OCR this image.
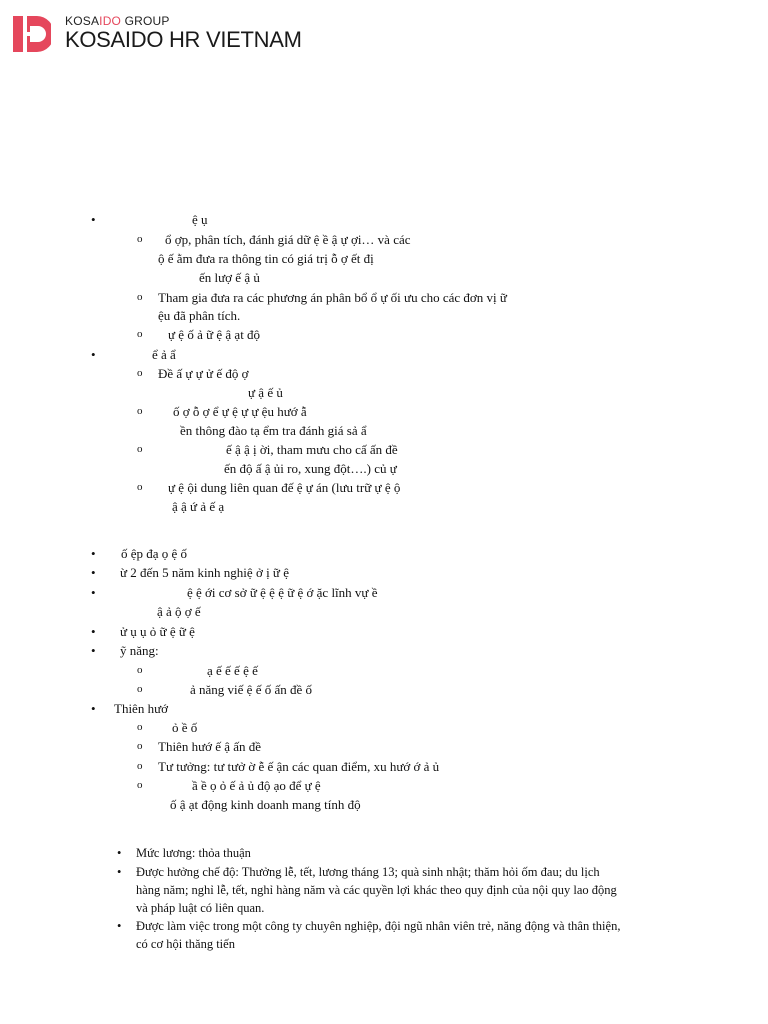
KOSAIDO GROUP
KOSAIDO HR VIETNAM
•	ệ ụ
o ổ ợp, phân tích, đánh giá dữ ệ ề ậ ự ợi… và các
ộ ế ằm đưa ra thông tin có giá trị ỗ ợ ết đị
ến lượ ế ậ ủ
o Tham gia đưa ra các phương án phân bổ ổ ự ối ưu cho các đơn vị ữ
ệu đã phân tích.
o ự ệ ố ả ữ ệ ậ ạt độ
•	ể ả ẩ
o Đề ấ ự ự ử ế độ ợ
ự ậ ế ủ
o ố ợ ỗ ợ ể ự ệ ự ự ệu hướ ẫ
ền thông đào tạ ểm tra đánh giá sả ẩ
o	ế ậ ậ ị ời, tham mưu cho cấ ấn đề
ến độ ấ ậ ủi ro, xung đột….) củ ự
o ự ệ ội dung liên quan đế ệ ự án (lưu trữ ự ệ ộ
ậ ậ ứ ả ế ạ
• ố ệp đạ ọ ệ ố
• ừ 2 đến 5 năm kinh nghiệ ở ị ữ ệ
•	ệ ệ ới cơ sở ữ ệ ệ ệ ữ ệ ớ ặc lĩnh vự ề
ậ ả ộ ợ ế
• ử ụ ụ ỏ ữ ệ ữ ệ
• ỹ năng:
o	ạ ế ế ế ệ ế
o	ả năng viế ệ ế ố ấn đề ố
• Thiên hướ
o ỏ ề ố
o Thiên hướ ế ậ ấn đề
o Tư tưởng: tư tưở ờ ễ ế ận các quan điểm, xu hướ ớ ả ủ
o	ầ ề ọ ỏ ế ả ủ độ ạo để ự ệ
ố ậ ạt động kinh doanh mang tính độ
• Mức lương: thỏa thuận
• Được hưởng chế độ: Thưởng lễ, tết, lương tháng 13; quà sinh nhật; thăm hỏi ốm đau; du lịch
hàng năm; nghỉ lễ, tết, nghỉ hàng năm và các quyền lợi khác theo quy định của nội quy lao động
và pháp luật có liên quan.
• Được làm việc trong một công ty chuyên nghiệp, đội ngũ nhân viên trẻ, năng động và thân thiện,
có cơ hội thăng tiến
